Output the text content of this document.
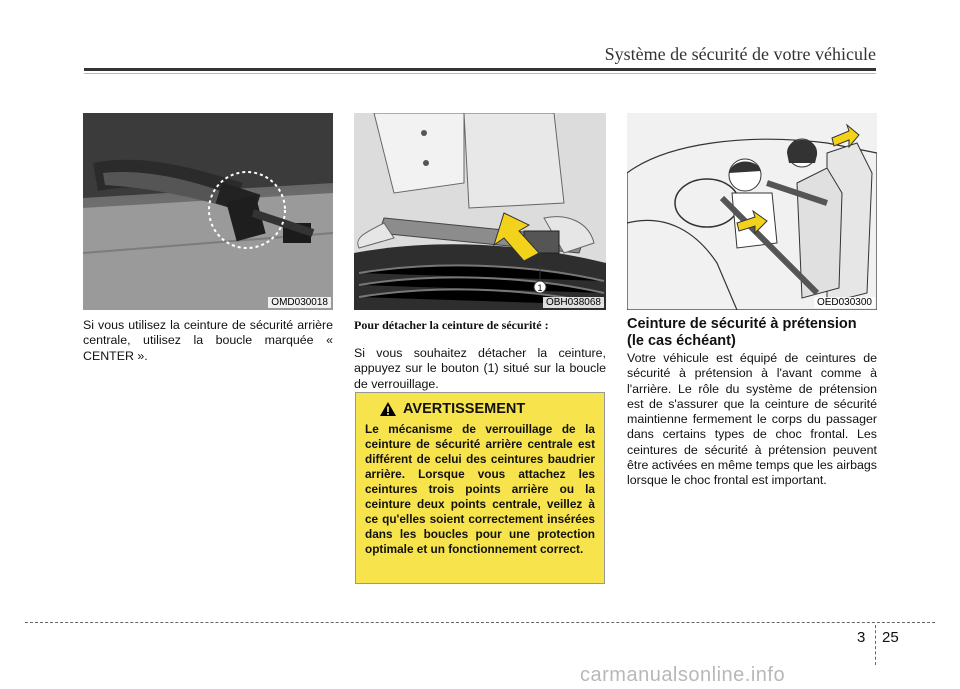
Système de sécurité de votre véhicule
OMD030018
1
OBH038068	OED030300

Si vous utilisez la ceinture de sécurité arrière centrale, utilisez la boucle marquée « CENTER ».

Pour détacher la ceinture de sécurité :

Si vous souhaitez détacher la ceinture, appuyez sur le bouton (1) situé sur la boucle de verrouillage.

AVERTISSEMENT

Le mécanisme de verrouillage de la ceinture de sécurité arrière centrale est différent de celui des ceintures baudrier arrière. Lorsque vous attachez les ceintures trois points arrière ou la ceinture deux points centrale, veillez à ce qu'elles soient correctement insérées dans les boucles pour une protection optimale et un fonctionnement correct.

Ceinture de sécurité à prétension (le cas échéant)

Votre véhicule est équipé de ceintures de sécurité à prétension à l'avant comme à l'arrière. Le rôle du système de prétension est de s'assurer que la ceinture de sécurité maintienne fermement le corps du passager dans certains types de choc frontal. Les ceintures de sécurité à prétension peuvent être activées en même temps que les airbags lorsque le choc frontal est important.

3 25
carmanualsonline.info
